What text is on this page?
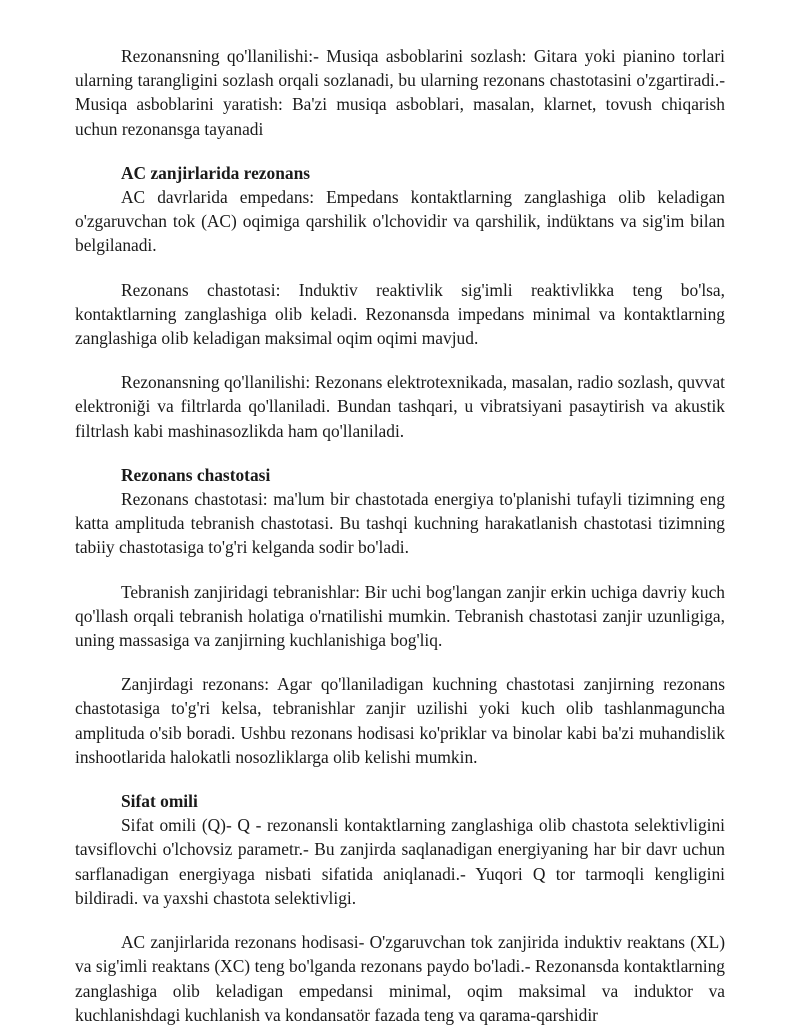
Rezonansning qo'llanilishi:- Musiqa asboblarini sozlash: Gitara yoki pianino torlari ularning tarangligini sozlash orqali sozlanadi, bu ularning rezonans chastotasini o'zgartiradi.- Musiqa asboblarini yaratish: Ba'zi musiqa asboblari, masalan, klarnet, tovush chiqarish uchun rezonansga tayanadi

AC zanjirlarida rezonans

AC davrlarida empedans: Empedans kontaktlarning zanglashiga olib keladigan o'zgaruvchan tok (AC) oqimiga qarshilik o'lchovidir va qarshilik, indüktans va sig'im bilan belgilanadi.

Rezonans chastotasi: Induktiv reaktivlik sig'imli reaktivlikka teng bo'lsa, kontaktlarning zanglashiga olib keladi. Rezonansda impedans minimal va kontaktlarning zanglashiga olib keladigan maksimal oqim oqimi mavjud.

Rezonansning qo'llanilishi: Rezonans elektrotexnikada, masalan, radio sozlash, quvvat elektroniği va filtrlarda qo'llaniladi. Bundan tashqari, u vibratsiyani pasaytirish va akustik filtrlash kabi mashinasozlikda ham qo'llaniladi.

Rezonans chastotasi

Rezonans chastotasi: ma'lum bir chastotada energiya to'planishi tufayli tizimning eng katta amplituda tebranish chastotasi. Bu tashqi kuchning harakatlanish chastotasi tizimning tabiiy chastotasiga to'g'ri kelganda sodir bo'ladi.

Tebranish zanjiridagi tebranishlar: Bir uchi bog'langan zanjir erkin uchiga davriy kuch qo'llash orqali tebranish holatiga o'rnatilishi mumkin. Tebranish chastotasi zanjir uzunligiga, uning massasiga va zanjirning kuchlanishiga bog'liq.

Zanjirdagi rezonans: Agar qo'llaniladigan kuchning chastotasi zanjirning rezonans chastotasiga to'g'ri kelsa, tebranishlar zanjir uzilishi yoki kuch olib tashlanmaguncha amplituda o'sib boradi. Ushbu rezonans hodisasi ko'priklar va binolar kabi ba'zi muhandislik inshootlarida halokatli nosozliklarga olib kelishi mumkin.

Sifat omili

Sifat omili (Q)- Q - rezonansli kontaktlarning zanglashiga olib chastota selektivligini tavsiflovchi o'lchovsiz parametr.- Bu zanjirda saqlanadigan energiyaning har bir davr uchun sarflanadigan energiyaga nisbati sifatida aniqlanadi.- Yuqori Q tor tarmoqli kengligini bildiradi. va yaxshi chastota selektivligi.

AC zanjirlarida rezonans hodisasi- O'zgaruvchan tok zanjirida induktiv reaktans (XL) va sig'imli reaktans (XC) teng bo'lganda rezonans paydo bo'ladi.- Rezonansda kontaktlarning zanglashiga olib keladigan empedansi minimal, oqim maksimal va induktor va kuchlanishdagi kuchlanish va kondansatör fazada teng va qarama-qarshidir
